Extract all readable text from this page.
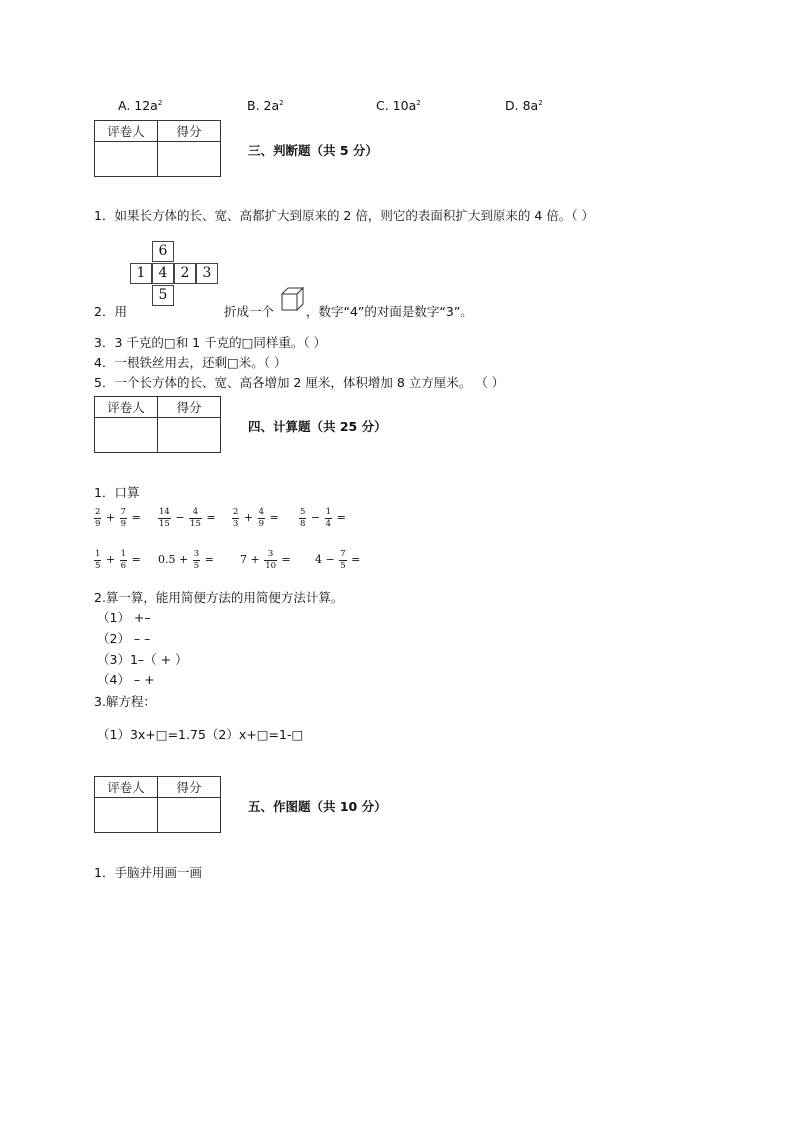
A. $12a^2$	B. $2a^2$	C. $10a^2$	D. $8a^2$
评卷人	得分

三、判断题（共 5 分）
1．如果长方体的长、宽、高都扩大到原来的 2 倍，则它的表面积扩大到原来的 4 倍。（ ）
6
1 4 2 3
5
2．用	折成一个	，数字“4”的对面是数字“3”。
3．3 千克的□和 1 千克的□同样重。（ ）
4．一根铁丝用去，还剩□米。（ ）
5．一个长方体的长、宽、高各增加 2 厘米，体积增加 8 立方厘米。 （ ）
评卷人	得分

四、计算题（共 25 分）
1．口算
$\frac{2}{9} + \frac{7}{9} = \frac{14}{15} - \frac{4}{15} = \frac{2}{3} + \frac{4}{9} = \frac{5}{8} - \frac{1}{4}$ =
$\frac{1}{5} + \frac{1}{6} = 0.5 + \frac{3}{5} = 7 + \frac{3}{10} = 4 - \frac{7}{5}$ =
2.算一算，能用简便方法的用简便方法计算。
（1） +–
（2） – –
（3）1–（ + ）
（4） – +
3.解方程：
（1）3x+□=1.75（2）x+□=1-□
评卷人	得分

五、作图题（共 10 分）
1．手脑并用画一画
